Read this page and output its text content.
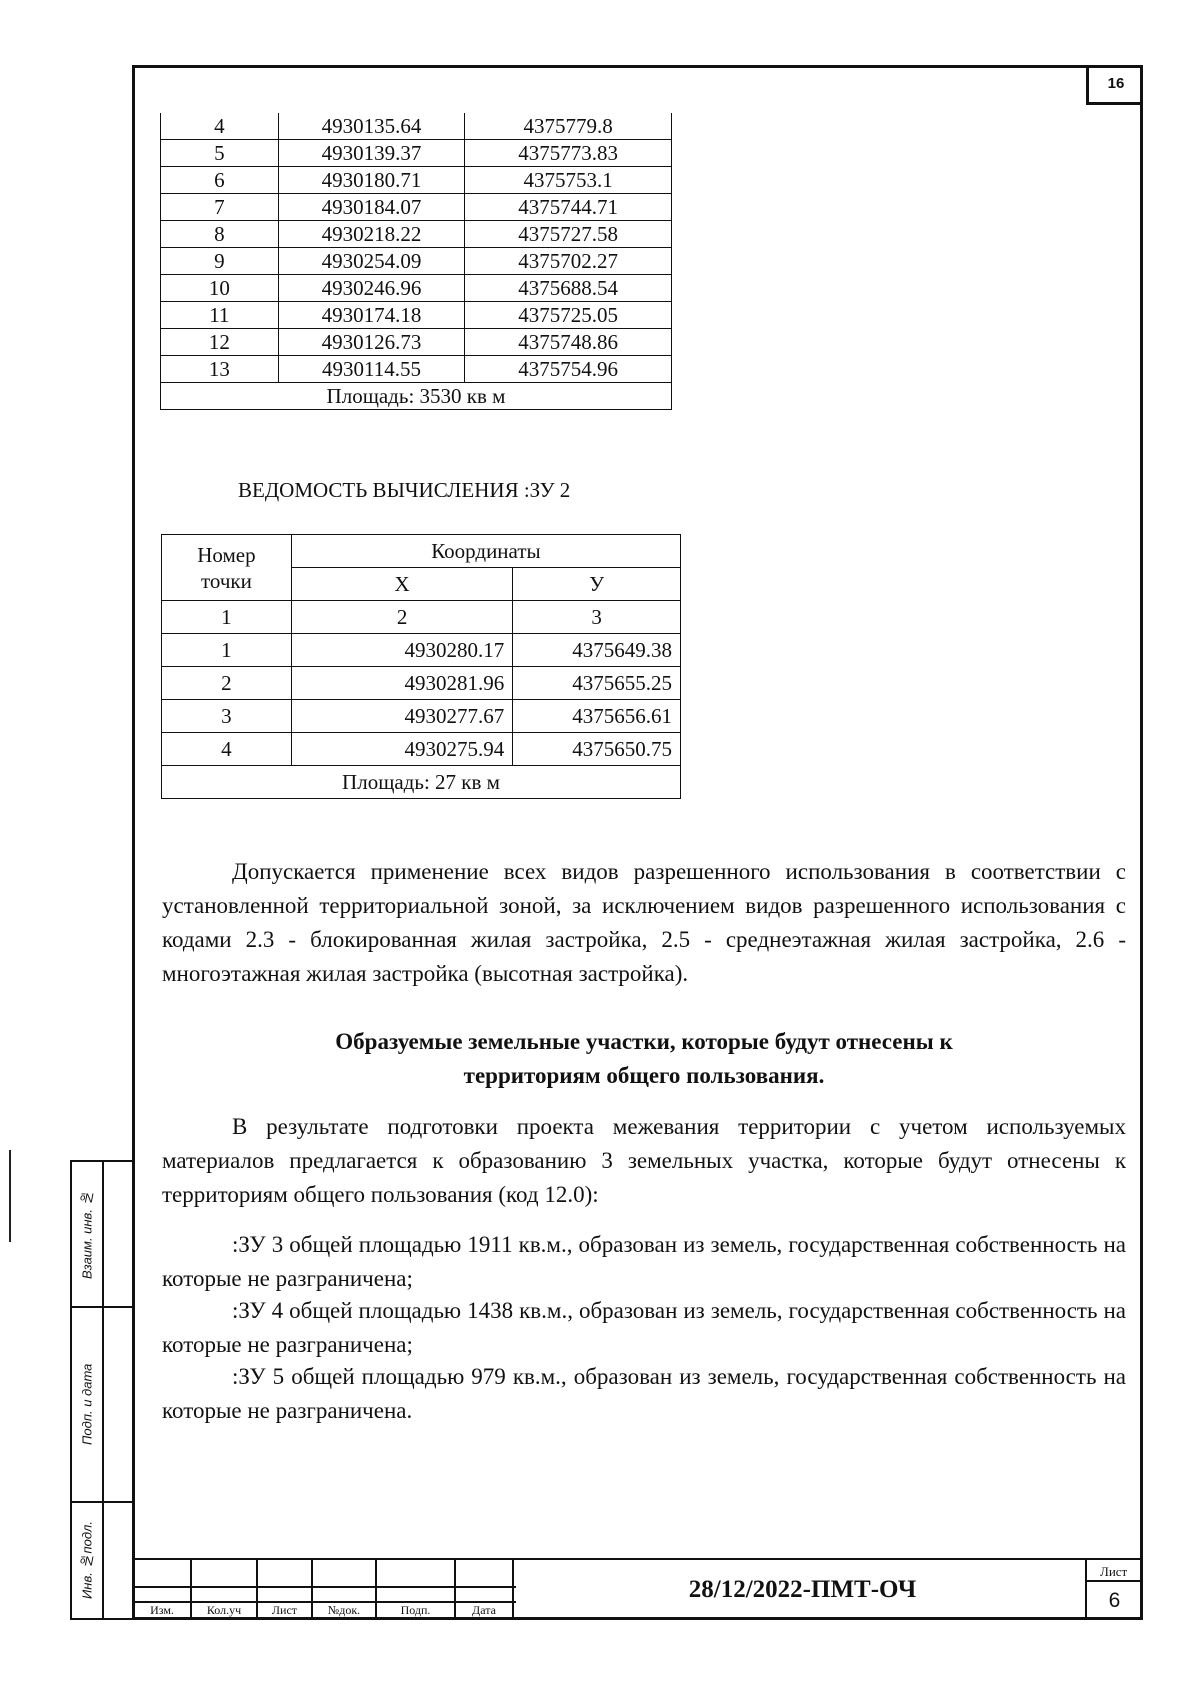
16
4	4930135.64	4375779.8
5	4930139.37	4375773.83
6	4930180.71	4375753.1
7	4930184.07	4375744.71
8	4930218.22	4375727.58
9	4930254.09	4375702.27
10	4930246.96	4375688.54
11	4930174.18	4375725.05
12	4930126.73	4375748.86
13	4930114.55	4375754.96
Площадь: 3530 кв м		
ВЕДОМОСТЬ ВЫЧИСЛЕНИЯ :ЗУ 2
Номер точки	Координаты	
	X	У
1	2	3
1	4930280.17	4375649.38
2	4930281.96	4375655.25
3	4930277.67	4375656.61
4	4930275.94	4375650.75
Площадь: 27 кв м		

Допускается применение всех видов разрешенного использования в соответствии с установленной территориальной зоной, за исключением видов разрешенного использования с кодами 2.3 - блокированная жилая застройка, 2.5 - среднеэтажная жилая застройка, 2.6 - многоэтажная жилая застройка (высотная застройка).

Образуемые земельные участки, которые будут отнесены к территориям общего пользования.

В результате подготовки проекта межевания территории с учетом используемых материалов предлагается к образованию 3 земельных участка, которые будут отнесены к территориям общего пользования (код 12.0):

:ЗУ 3 общей площадью 1911 кв.м., образован из земель, государственная собственность на которые не разграничена;

:ЗУ 4 общей площадью 1438 кв.м., образован из земель, государственная собственность на которые не разграничена;

:ЗУ 5 общей площадью 979 кв.м., образован из земель, государственная собственность на которые не разграничена.

Взаим. инв. №
Подп. и дата
Инв. №подл.
Изм.	Кол.уч	Лист	№док.	Подп.	Дата
28/12/2022-ПМТ-ОЧ
Лист
6
